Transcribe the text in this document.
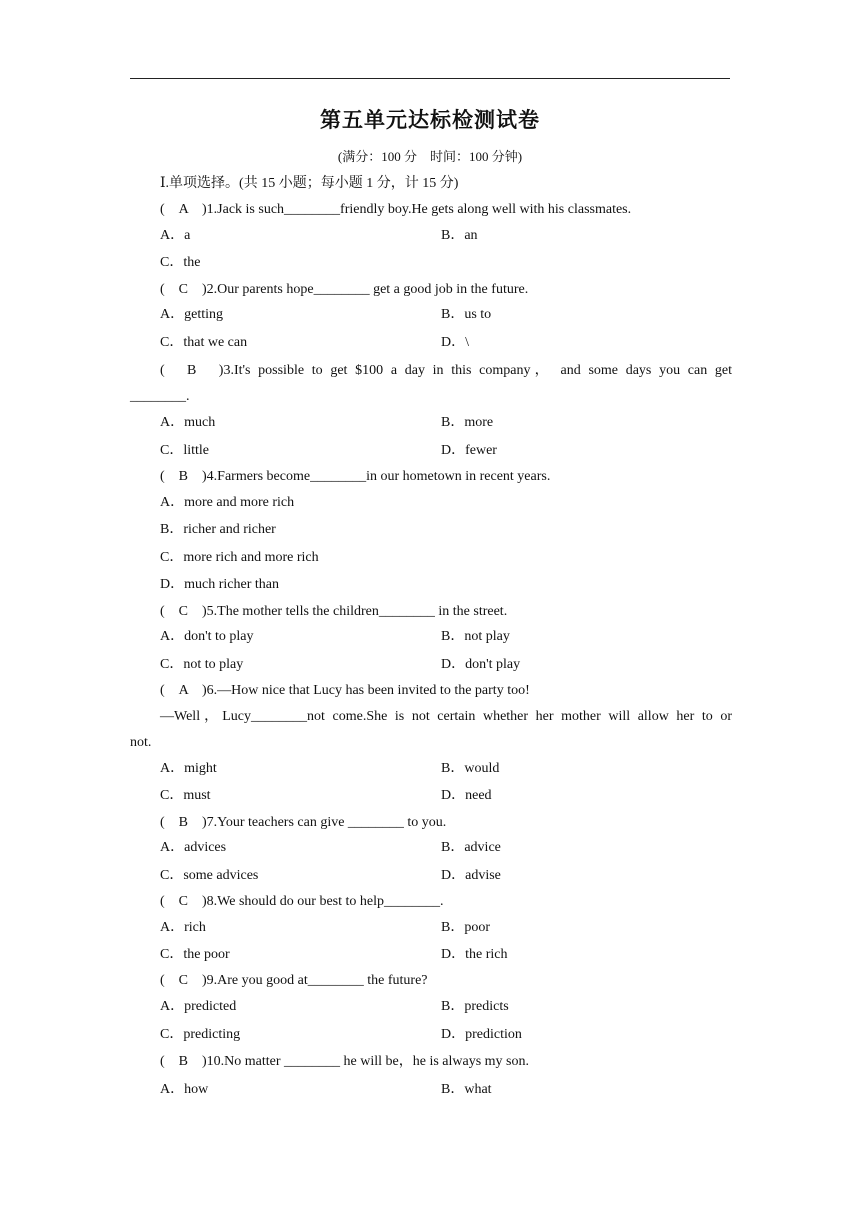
第五单元达标检测试卷
(满分：100 分　时间：100 分钟)
Ⅰ.单项选择。(共 15 小题；每小题 1 分，计 15 分)
(　A　)1.Jack is such________friendly boy.He gets along well with his classmates.
A．a	B．an
C．the
(　C　)2.Our parents hope________ get a good job in the future.
A．getting	B．us to
C．that we can	D．\
(　B　)3.It's possible to get $100 a day in this company， and some days you can get
________.
A．much	B．more
C．little	D．fewer
(　B　)4.Farmers become________in our hometown in recent years.
A．more and more rich
B．richer and richer
C．more rich and more rich
D．much richer than
(　C　)5.The mother tells the children________ in the street.
A．don't to play	B．not play
C．not to play	D．don't play
(　A　)6.—How nice that Lucy has been invited to the party too!
—Well，Lucy________not come.She is not certain whether her mother will allow her to or
not.
A．might	B．would
C．must	D．need
(　B　)7.Your teachers can give ________ to you.
A．advices	B．advice
C．some advices	D．advise
(　C　)8.We should do our best to help________.
A．rich	B．poor
C．the poor	D．the rich
(　C　)9.Are you good at________ the future?
A．predicted	B．predicts
C．predicting	D．prediction
(　B　)10.No matter ________ he will be，he is always my son.
A．how	B．what
